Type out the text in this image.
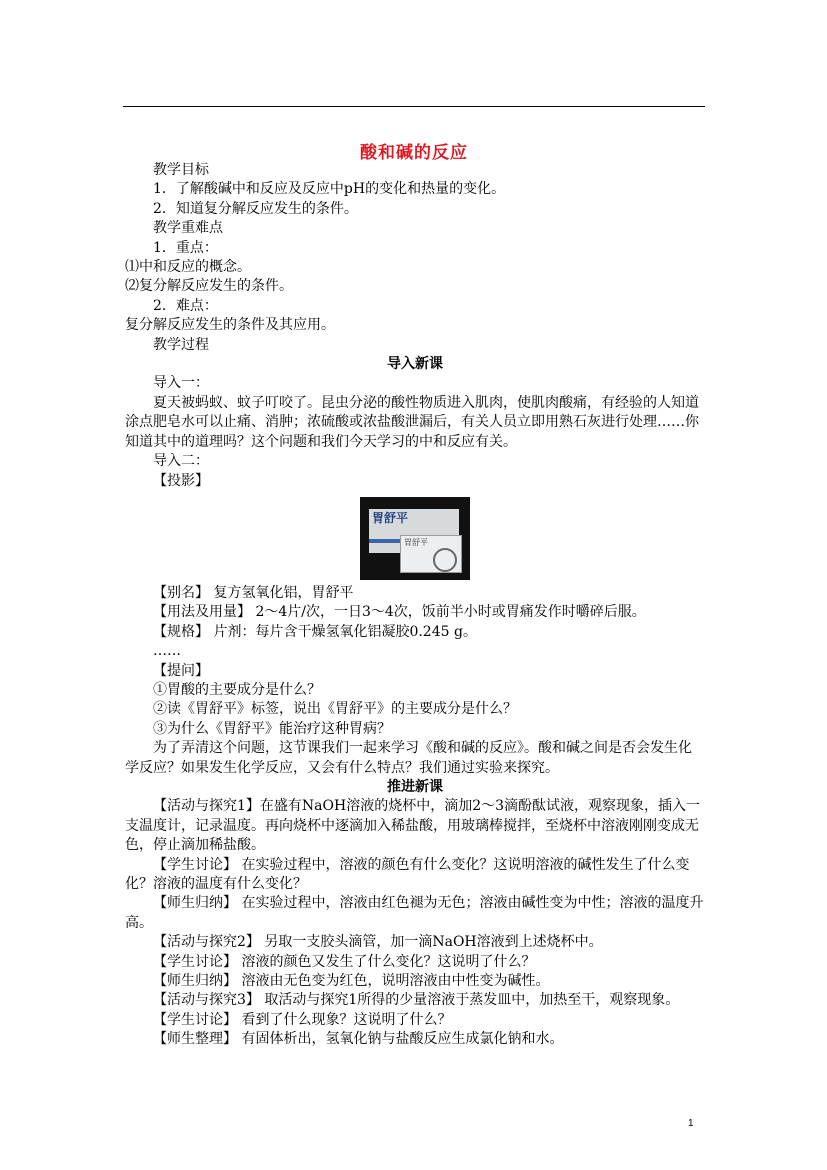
酸和碱的反应

教学目标

1．了解酸碱中和反应及反应中pH的变化和热量的变化。

2．知道复分解反应发生的条件。

教学重难点

1．重点：

⑴中和反应的概念。

⑵复分解反应发生的条件。

2．难点：

复分解反应发生的条件及其应用。

教学过程

导入新课

导入一：

夏天被蚂蚁、蚊子叮咬了。昆虫分泌的酸性物质进入肌肉，使肌肉酸痛，有经验的人知道涂点肥皂水可以止痛、消肿；浓硫酸或浓盐酸泄漏后，有关人员立即用熟石灰进行处理……你知道其中的道理吗？这个问题和我们今天学习的中和反应有关。

导入二：

【投影】

胃舒平
胃舒平

【别名】 复方氢氧化铝，胃舒平

【用法及用量】 2～4片/次，一日3～4次，饭前半小时或胃痛发作时嚼碎后服。

【规格】 片剂：每片含干燥氢氧化铝凝胶0.245 g。

……

【提问】

①胃酸的主要成分是什么？

②读《胃舒平》标签，说出《胃舒平》的主要成分是什么？

③为什么《胃舒平》能治疗这种胃病？

为了弄清这个问题，这节课我们一起来学习《酸和碱的反应》。酸和碱之间是否会发生化学反应？如果发生化学反应，又会有什么特点？我们通过实验来探究。

推进新课

【活动与探究1】在盛有NaOH溶液的烧杯中，滴加2～3滴酚酞试液，观察现象，插入一支温度计，记录温度。再向烧杯中逐滴加入稀盐酸，用玻璃棒搅拌，至烧杯中溶液刚刚变成无色，停止滴加稀盐酸。

【学生讨论】 在实验过程中，溶液的颜色有什么变化？这说明溶液的碱性发生了什么变化？溶液的温度有什么变化？

【师生归纳】 在实验过程中，溶液由红色褪为无色；溶液由碱性变为中性；溶液的温度升高。

【活动与探究2】 另取一支胶头滴管，加一滴NaOH溶液到上述烧杯中。

【学生讨论】 溶液的颜色又发生了什么变化？这说明了什么？

【师生归纳】 溶液由无色变为红色，说明溶液由中性变为碱性。

【活动与探究3】 取活动与探究1所得的少量溶液于蒸发皿中，加热至干，观察现象。

【学生讨论】 看到了什么现象？这说明了什么？

【师生整理】 有固体析出，氢氧化钠与盐酸反应生成氯化钠和水。

1
